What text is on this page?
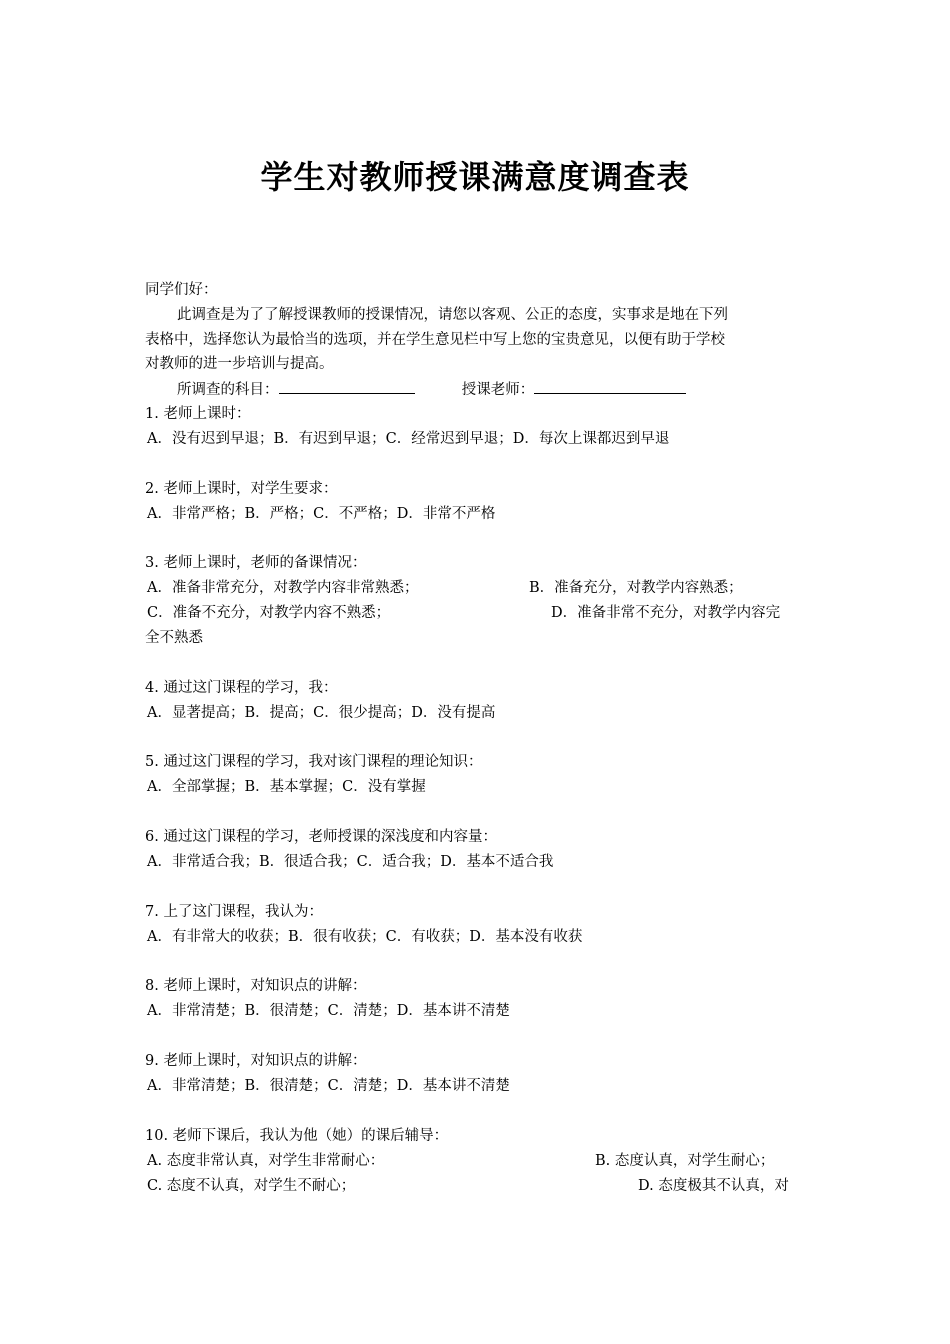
学生对教师授课满意度调查表
同学们好：
此调查是为了了解授课教师的授课情况，请您以客观、公正的态度，实事求是地在下列
表格中，选择您认为最恰当的选项，并在学生意见栏中写上您的宝贵意见，以便有助于学校
对教师的进一步培训与提高。
所调查的科目：	授课老师：
1. 老师上课时：
A．没有迟到早退；B．有迟到早退；C．经常迟到早退；D．每次上课都迟到早退
2. 老师上课时，对学生要求：
A．非常严格；B．严格；C．不严格；D．非常不严格
3. 老师上课时，老师的备课情况：
A．准备非常充分，对教学内容非常熟悉；	B．准备充分，对教学内容熟悉；
C．准备不充分，对教学内容不熟悉；	D．准备非常不充分，对教学内容完
全不熟悉
4. 通过这门课程的学习，我：
A．显著提高；B．提高；C．很少提高；D．没有提高
5. 通过这门课程的学习，我对该门课程的理论知识：
A．全部掌握；B．基本掌握；C．没有掌握
6. 通过这门课程的学习，老师授课的深浅度和内容量：
A．非常适合我；B．很适合我；C．适合我；D．基本不适合我
7. 上了这门课程，我认为：
A．有非常大的收获；B．很有收获；C．有收获；D．基本没有收获
8. 老师上课时，对知识点的讲解：
A．非常清楚；B．很清楚；C．清楚；D．基本讲不清楚
9. 老师上课时，对知识点的讲解：
A．非常清楚；B．很清楚；C．清楚；D．基本讲不清楚
10. 老师下课后，我认为他（她）的课后辅导：
A. 态度非常认真，对学生非常耐心：	B. 态度认真，对学生耐心；
C. 态度不认真，对学生不耐心；	D. 态度极其不认真，对
